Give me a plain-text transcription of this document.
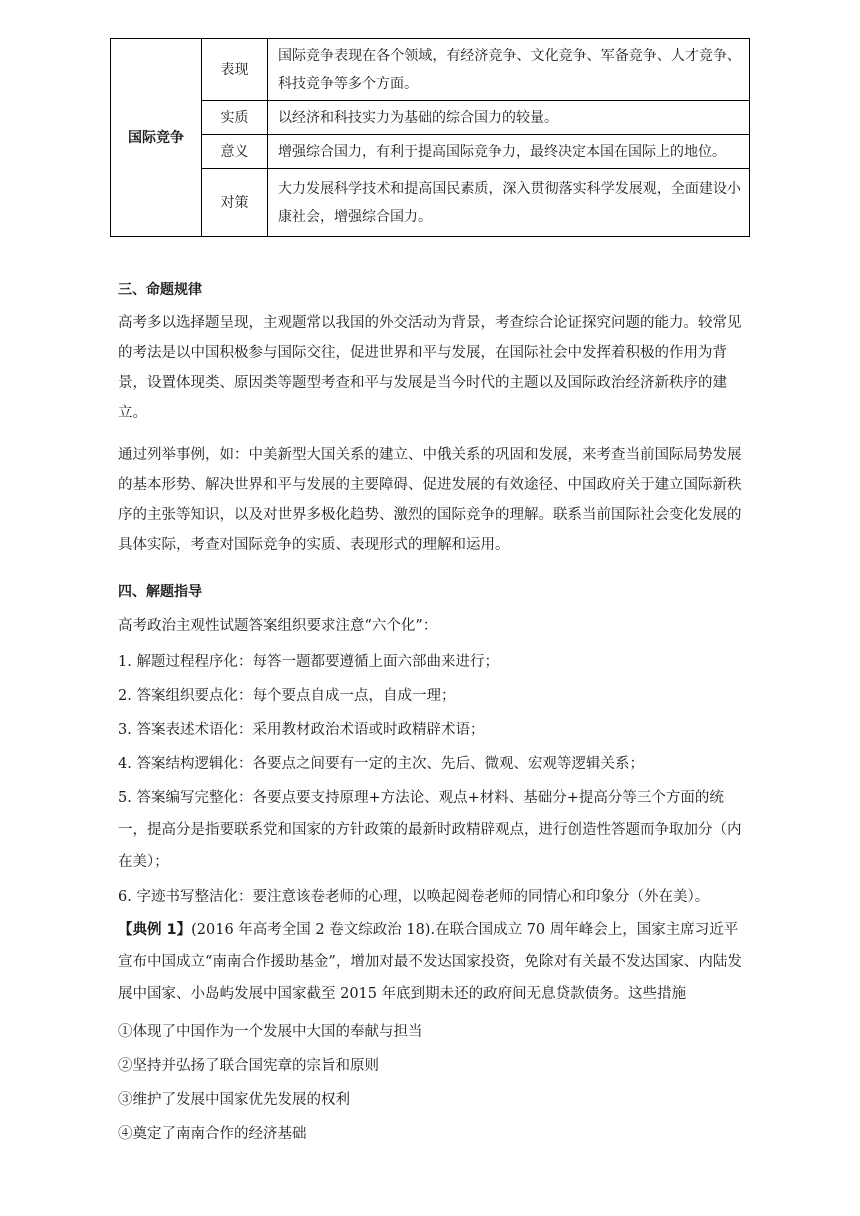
国际竞争	表现	国际竞争表现在各个领域，有经济竞争、文化竞争、军备竞争、人才竞争、科技竞争等多个方面。
	实质	以经济和科技实力为基础的综合国力的较量。
	意义	增强综合国力，有利于提高国际竞争力，最终决定本国在国际上的地位。
	对策	大力发展科学技术和提高国民素质，深入贯彻落实科学发展观，全面建设小康社会，增强综合国力。
三、命题规律
高考多以选择题呈现，主观题常以我国的外交活动为背景，考查综合论证探究问题的能力。较常见的考法是以中国积极参与国际交往，促进世界和平与发展，在国际社会中发挥着积极的作用为背景，设置体现类、原因类等题型考查和平与发展是当今时代的主题以及国际政治经济新秩序的建立。
通过列举事例，如：中美新型大国关系的建立、中俄关系的巩固和发展，来考查当前国际局势发展的基本形势、解决世界和平与发展的主要障碍、促进发展的有效途径、中国政府关于建立国际新秩序的主张等知识，以及对世界多极化趋势、激烈的国际竞争的理解。联系当前国际社会变化发展的具体实际，考查对国际竞争的实质、表现形式的理解和运用。
四、解题指导
高考政治主观性试题答案组织要求注意“六个化”：
1. 解题过程程序化：每答一题都要遵循上面六部曲来进行；
2. 答案组织要点化：每个要点自成一点，自成一理；
3. 答案表述术语化：采用教材政治术语或时政精辟术语；
4. 答案结构逻辑化：各要点之间要有一定的主次、先后、微观、宏观等逻辑关系；
5. 答案编写完整化：各要点要支持原理+方法论、观点+材料、基础分+提高分等三个方面的统一，提高分是指要联系党和国家的方针政策的最新时政精辟观点，进行创造性答题而争取加分（内在美）；
6. 字迹书写整洁化：要注意该卷老师的心理，以唤起阅卷老师的同情心和印象分（外在美）。
【典例 1】(2016 年高考全国 2 卷文综政治 18).在联合国成立 70 周年峰会上，国家主席习近平宣布中国成立“南南合作援助基金”，增加对最不发达国家投资，免除对有关最不发达国家、内陆发展中国家、小岛屿发展中国家截至 2015 年底到期未还的政府间无息贷款债务。这些措施
①体现了中国作为一个发展中大国的奉献与担当
②坚持并弘扬了联合国宪章的宗旨和原则
③维护了发展中国家优先发展的权利
④奠定了南南合作的经济基础
